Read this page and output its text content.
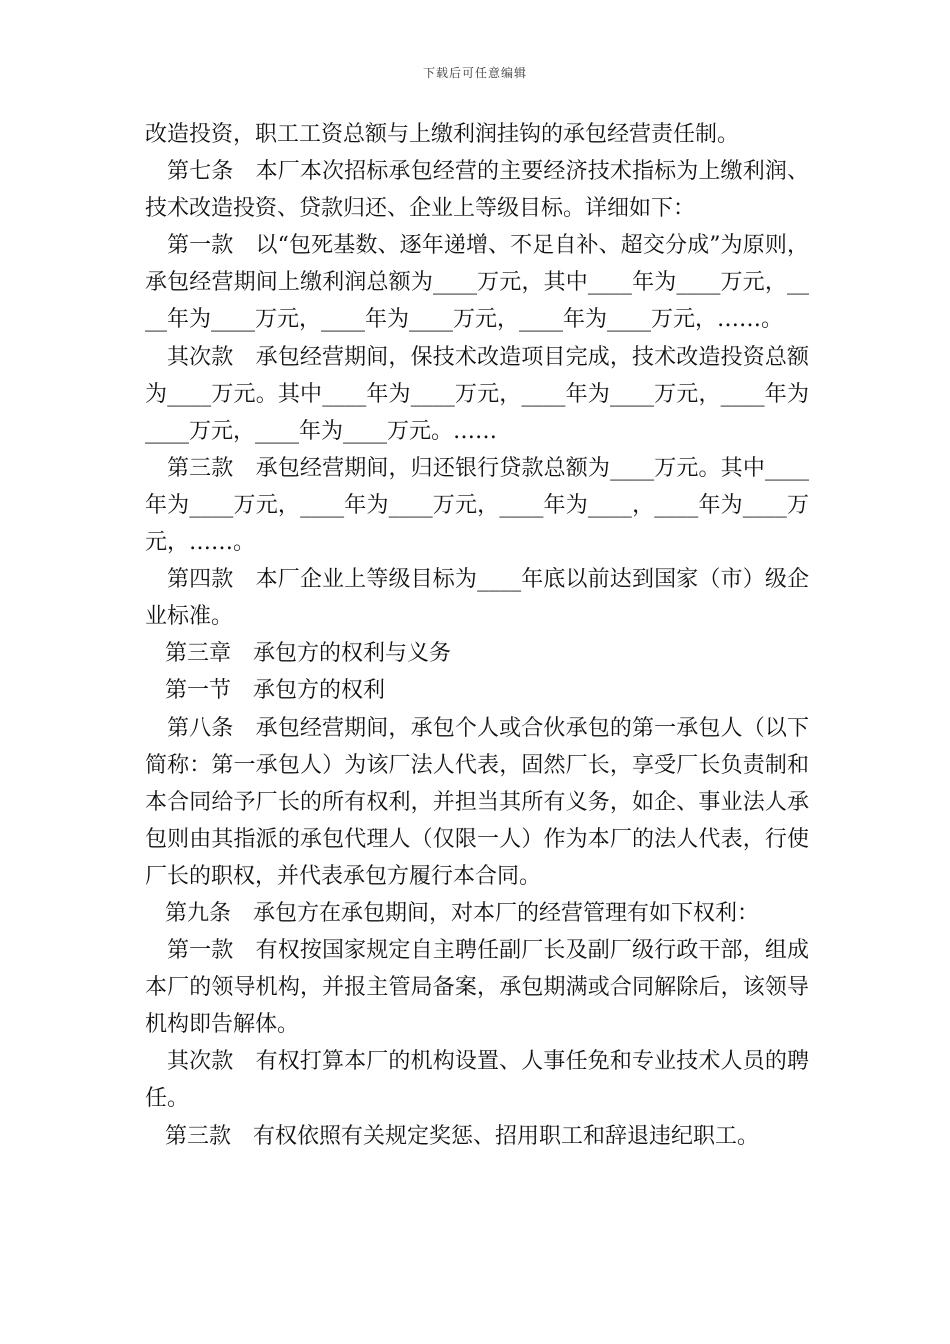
下载后可任意编辑

改造投资，职工工资总额与上缴利润挂钩的承包经营责任制。

第七条　本厂本次招标承包经营的主要经济技术指标为上缴利润、技术改造投资、贷款归还、企业上等级目标。详细如下：

第一款　以“包死基数、逐年递增、不足自补、超交分成”为原则，承包经营期间上缴利润总额为____万元，其中____年为____万元，____年为____万元，____年为____万元，____年为____万元，……。

其次款　承包经营期间，保技术改造项目完成，技术改造投资总额为____万元。其中____年为____万元，____年为____万元，____年为____万元，____年为____万元。……

第三款　承包经营期间，归还银行贷款总额为____万元。其中____年为____万元，____年为____万元，____年为____，____年为____万元，……。

第四款　本厂企业上等级目标为____年底以前达到国家（市）级企业标准。

第三章　承包方的权利与义务

第一节　承包方的权利

第八条　承包经营期间，承包个人或合伙承包的第一承包人（以下简称：第一承包人）为该厂法人代表，固然厂长，享受厂长负责制和本合同给予厂长的所有权利，并担当其所有义务，如企、事业法人承包则由其指派的承包代理人（仅限一人）作为本厂的法人代表，行使厂长的职权，并代表承包方履行本合同。

第九条　承包方在承包期间，对本厂的经营管理有如下权利：

第一款　有权按国家规定自主聘任副厂长及副厂级行政干部，组成本厂的领导机构，并报主管局备案，承包期满或合同解除后，该领导机构即告解体。

其次款　有权打算本厂的机构设置、人事任免和专业技术人员的聘任。

第三款　有权依照有关规定奖惩、招用职工和辞退违纪职工。
